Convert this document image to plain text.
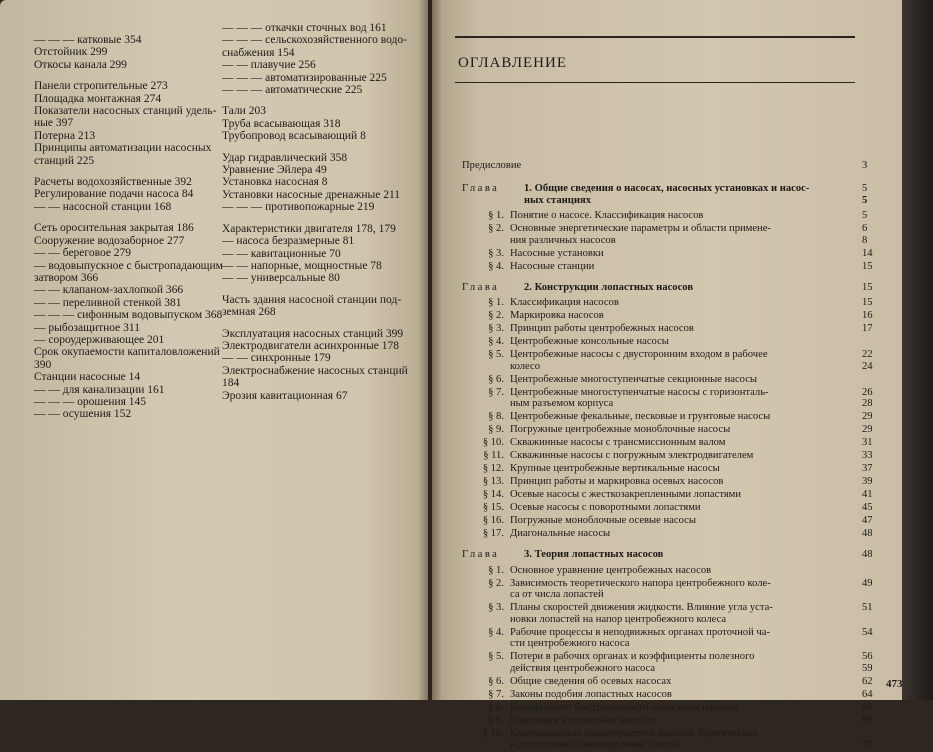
— — — катковые 354
Отстойник 299
Откосы канала 299
Панели стропительные 273
Площадка монтажная 274
Показатели насосных станций удель-
ные 397
Потерна 213
Принципы автоматизации насосных
станций 225
Расчеты водохозяйственные 392
Регулирование подачи насоса 84
— — насосной станции 168
Сеть оросительная закрытая 186
Сооружение водозаборное 277
— — береговое 279
— водовыпускное с быстропадающим
затвором 366
— — клапаном-захлопкой 366
— — переливной стенкой 381
— — — сифонным водовыпуском 368
— рыбозащитное 311
— сороудерживающее 201
Срок окупаемости капиталовложений
390
Станции насосные 14
— — для канализации 161
— — — орошения 145
— — осушения 152
— — — откачки сточных вод 161
— — — сельскохозяйственного водо-
снабжения 154
— — плавучие 256
— — — автоматизированные 225
— — — автоматические 225
Тали 203
Труба всасывающая 318
Трубопровод всасывающий 8
Удар гидравлический 358
Уравнение Эйлера 49
Установка насосная 8
Установки насосные дренажные 211
— — — противопожарные 219
Характеристики двигателя 178, 179
— насоса безразмерные 81
— — кавитационные 70
— — напорные, мощностные 78
— — универсальные 80
Часть здания насосной станции под-
земная 268
Эксплуатация насосных станций 399
Электродвигатели асинхронные 178
— — синхронные 179
Электроснабжение насосных станций
184
Эрозия кавитационная 67
ОГЛАВЛЕНИЕ
Предисловие	3
Глава 1. Общие сведения о насосах, насосных установках и насос-	5
ных станциях	5
§ 1. Понятие о насосе. Классификация насосов	5
§ 2. Основные энергетические параметры и области примене-	6
ния различных насосов	8
§ 3. Насосные установки	14
§ 4. Насосные станции	15
Глава 2. Конструкции лопастных насосов	15
§ 1. Классификация насосов	15
§ 2. Маркировка насосов	16
§ 3. Принцип работы центробежных насосов	17
§ 4. Центробежные консольные насосы
§ 5. Центробежные насосы с двусторонним входом в рабочее	22
колесо	24
§ 6. Центробежные многоступенчатые секционные насосы
§ 7. Центробежные многоступенчатые насосы с горизонталь-	26
ным разъемом корпуса	28
§ 8. Центробежные фекальные, песковые и грунтовые насосы	29
§ 9. Погружные центробежные моноблочные насосы	29
§ 10. Скважинные насосы с трансмиссионным валом	31
§ 11. Скважинные насосы с погружным электродвигателем	33
§ 12. Крупные центробежные вертикальные насосы	37
§ 13. Принцип работы и маркировка осевых насосов	39
§ 14. Осевые насосы с жесткозакрепленными лопастями	41
§ 15. Осевые насосы с поворотными лопастями	45
§ 16. Погружные моноблочные осевые насосы	47
§ 17. Диагональные насосы	48
Глава 3. Теория лопастных насосов	48
§ 1. Основное уравнение центробежных насосов
§ 2. Зависимость теоретического напора центробежного коле-	49
са от числа лопастей
§ 3. Планы скоростей движения жидкости. Влияние угла уста-	51
новки лопастей на напор центробежного колеса
§ 4. Рабочие процессы в неподвижных органах проточной ча-	54
сти центробежного насоса
§ 5. Потери в рабочих органах и коэффициенты полезного	56
действия центробежного насоса	59
§ 6. Общие сведения об осевых насосах	62
§ 7. Законы подобия лопастных насосов	64
§ 8. Коэффициент быстроходности лопастных насосов	66
§ 9. Кавитация в лопастных насосах	66
§ 10. Кавитационные характеристики насосов. Критические
и допустимые кавитационные запасы	70
473
